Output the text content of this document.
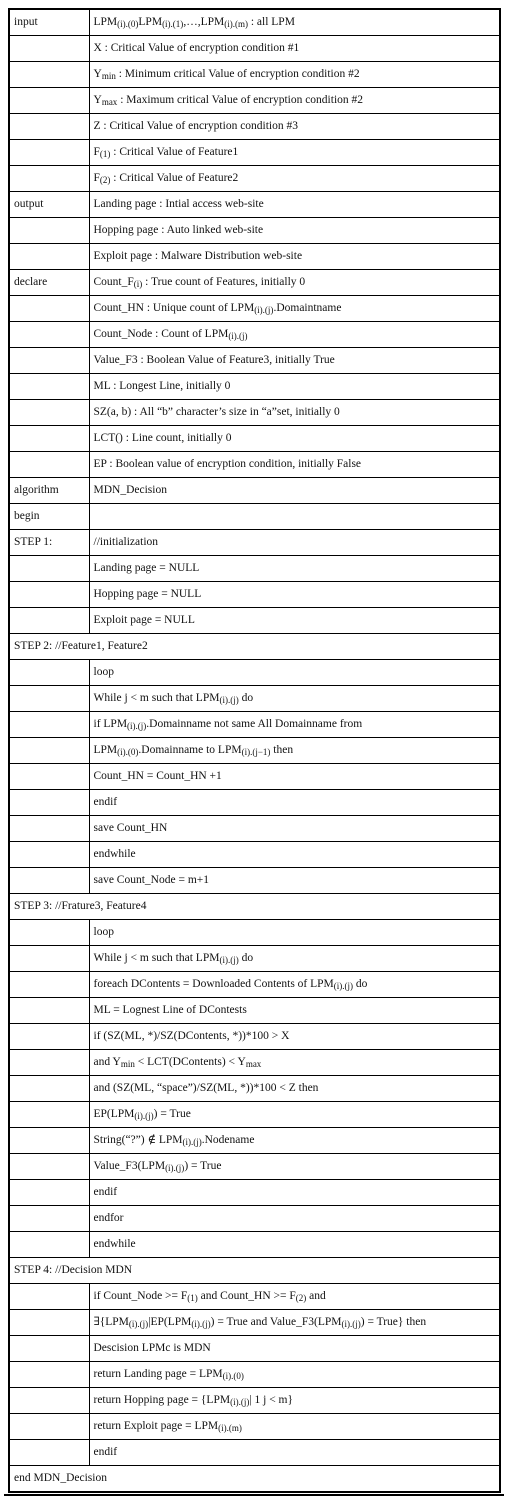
input	$LPM_{(i).(0)}LPM_{(i).(1)},\dots,LPM_{(i).(m)}$ : all LPM
	X : Critical Value of encryption condition #1
	$Y_{min}$ : Minimum critical Value of encryption condition #2
	$Y_{max}$ : Maximum critical Value of encryption condition #2
	Z : Critical Value of encryption condition #3
	$F_{(1)}$ : Critical Value of Feature1
	$F_{(2)}$ : Critical Value of Feature2
output	Landing page : Intial access web-site
	Hopping page : Auto linked web-site
	Exploit page : Malware Distribution web-site
declare	$Count\_F_{(i)}$ : True count of Features, initially 0
	Count_HN : Unique count of $LPM_{(i).(j)}.Domaintname$
	Count_Node : Count of $LPM_{(i).(j)}$
	Value_F3 : Boolean Value of Feature3, initially True
	ML : Longest Line, initially 0
	SZ(a, b) : All “b” character’s size in “a”set, initially 0
	LCT() : Line count, initially 0
	EP : Boolean value of encryption condition, initially False
algorithm	MDN_Decision
begin	
STEP 1:	//initialization
	Landing page = NULL
	Hopping page = NULL
	Exploit page = NULL
STEP 2: //Feature1, Feature2	
	loop
	While j < m such that $LPM_{(i).(j)}$ do
	if $LPM_{(i).(j)}.Domainname$ not same All Domainname from
	$LPM_{(i).(0)}.Domainname$ to $LPM_{(i).(j-1)}$ then
	Count_HN = Count_HN +1
	endif
	save Count_HN
	endwhile
	save Count_Node = m+1
STEP 3: //Frature3, Feature4	
	loop
	While j < m such that $LPM_{(i).(j)}$ do
	foreach DContents = Downloaded Contents of $LPM_{(i).(j)}$ do
	ML = Lognest Line of DContests
	if (SZ(ML, *)/SZ(DContents, *))*100 > X
	and $Y_{min}$ < LCT(DContents) < $Y_{max}$
	and (SZ(ML, “space”)/SZ(ML, *))*100 < Z then
	$EP(LPM_{(i).(j)})$ = True
	String(“?”) ∉ $LPM_{(i).(j)}.Nodename$
	$Value\_F3(LPM_{(i).(j)})$ = True
	endif
	endfor
	endwhile
STEP 4: //Decision MDN	
	if Count_Node >= $F_{(1)}$ and Count_HN >= $F_{(2)}$ and
	$\exists\{LPM_{(i).(j)}|EP(LPM_{(i).(j)})$ = True and $Value\_F3(LPM_{(i).(j)})$ = True} then
	Descision LPMc is MDN
	return Landing page = $LPM_{(i).(0)}$
	return Hopping page = {$LPM_{(i).(j)}|$ 1 j < m}
	return Exploit page = $LPM_{(i).(m)}$
	endif
end MDN_Decision	
